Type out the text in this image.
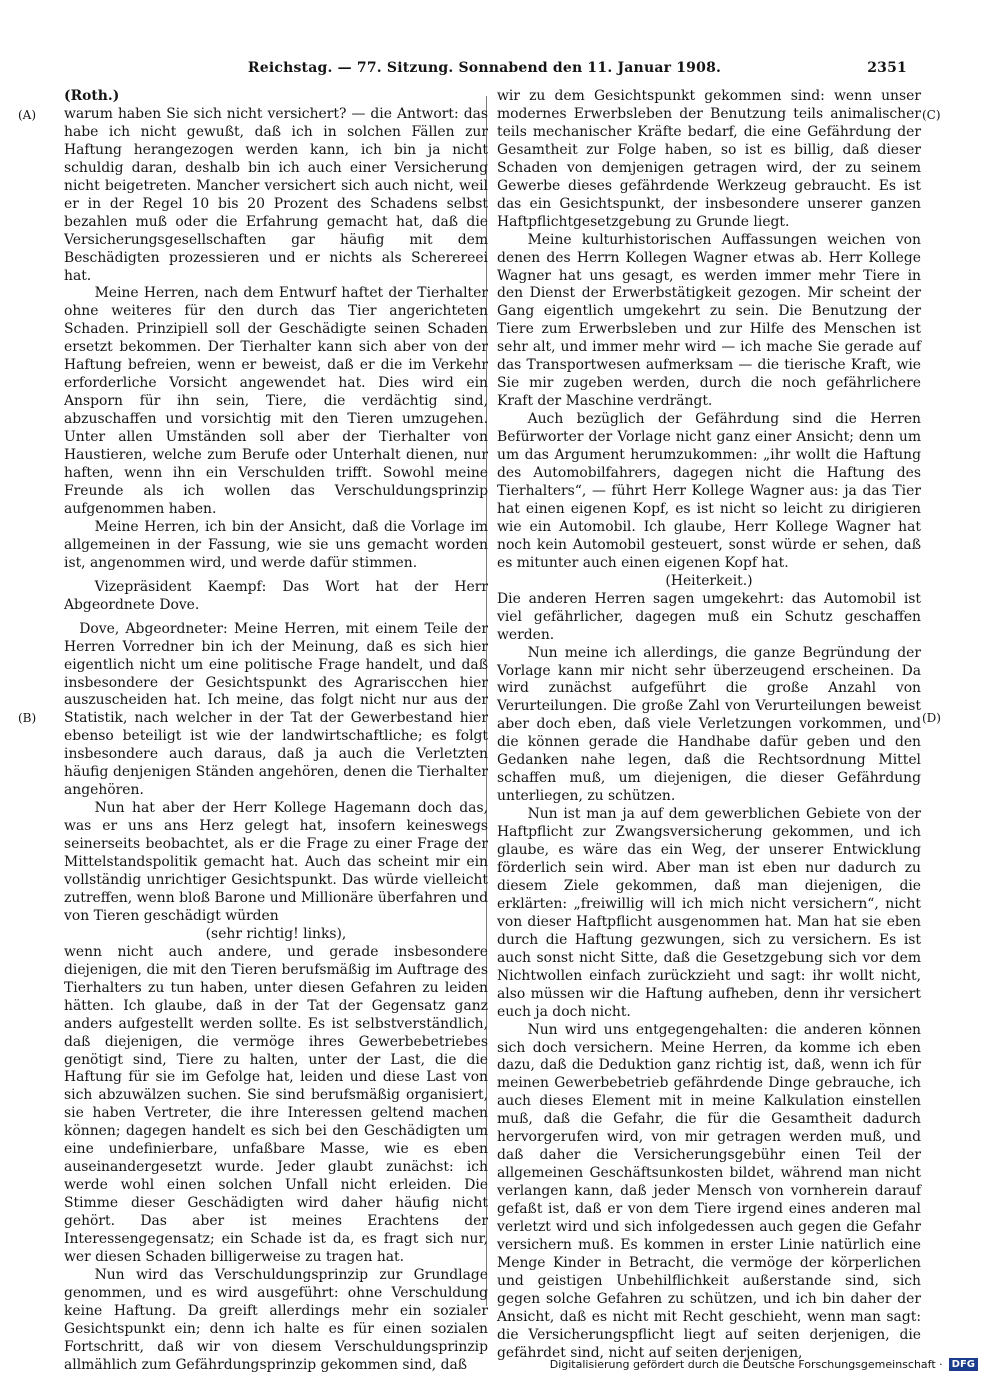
Reichstag. — 77. Sitzung. Sonnabend den 11. Januar 1908.	2351
(A)
(B)
(C)
(D)

(Roth.)

warum haben Sie sich nicht versichert? — die Antwort: das habe ich nicht gewußt, daß ich in solchen Fällen zur Haftung herangezogen werden kann, ich bin ja nicht schuldig daran, deshalb bin ich auch einer Versicherung nicht beigetreten. Mancher versichert sich auch nicht, weil er in der Regel 10 bis 20 Prozent des Schadens selbst bezahlen muß oder die Erfahrung gemacht hat, daß die Versicherungsgesellschaften gar häufig mit dem Beschädigten prozessieren und er nichts als Scherereei hat.

Meine Herren, nach dem Entwurf haftet der Tierhalter ohne weiteres für den durch das Tier angerichteten Schaden. Prinzipiell soll der Geschädigte seinen Schaden ersetzt bekommen. Der Tierhalter kann sich aber von der Haftung befreien, wenn er beweist, daß er die im Verkehr erforderliche Vorsicht angewendet hat. Dies wird ein Ansporn für ihn sein, Tiere, die verdächtig sind, abzuschaffen und vorsichtig mit den Tieren umzugehen. Unter allen Umständen soll aber der Tierhalter von Haustieren, welche zum Berufe oder Unterhalt dienen, nur haften, wenn ihn ein Verschulden trifft. Sowohl meine Freunde als ich wollen das Verschuldungsprinzip aufgenommen haben.

Meine Herren, ich bin der Ansicht, daß die Vorlage im allgemeinen in der Fassung, wie sie uns gemacht worden ist, angenommen wird, und werde dafür stimmen.

Vizepräsident Kaempf: Das Wort hat der Herr Abgeordnete Dove.

Dove, Abgeordneter: Meine Herren, mit einem Teile der Herren Vorredner bin ich der Meinung, daß es sich hier eigentlich nicht um eine politische Frage handelt, und daß insbesondere der Gesichtspunkt des Agrariscchen hier auszuscheiden hat. Ich meine, das folgt nicht nur aus der Statistik, nach welcher in der Tat der Gewerbestand hier ebenso beteiligt ist wie der landwirtschaftliche; es folgt insbesondere auch daraus, daß ja auch die Verletzten häufig denjenigen Ständen angehören, denen die Tierhalter angehören.

Nun hat aber der Herr Kollege Hagemann doch das, was er uns ans Herz gelegt hat, insofern keineswegs seinerseits beobachtet, als er die Frage zu einer Frage der Mittelstandspolitik gemacht hat. Auch das scheint mir ein vollständig unrichtiger Gesichtspunkt. Das würde vielleicht zutreffen, wenn bloß Barone und Millionäre überfahren und von Tieren geschädigt würden

(sehr richtig! links),

wenn nicht auch andere, und gerade insbesondere diejenigen, die mit den Tieren berufsmäßig im Auftrage des Tierhalters zu tun haben, unter diesen Gefahren zu leiden hätten. Ich glaube, daß in der Tat der Gegensatz ganz anders aufgestellt werden sollte. Es ist selbstverständlich, daß diejenigen, die vermöge ihres Gewerbebetriebes genötigt sind, Tiere zu halten, unter der Last, die die Haftung für sie im Gefolge hat, leiden und diese Last von sich abzuwälzen suchen. Sie sind berufsmäßig organisiert, sie haben Vertreter, die ihre Interessen geltend machen können; dagegen handelt es sich bei den Geschädigten um eine undefinierbare, unfaßbare Masse, wie es eben auseinandergesetzt wurde. Jeder glaubt zunächst: ich werde wohl einen solchen Unfall nicht erleiden. Die Stimme dieser Geschädigten wird daher häufig nicht gehört. Das aber ist meines Erachtens der Interessengegensatz; ein Schade ist da, es fragt sich nur, wer diesen Schaden billigerweise zu tragen hat.

Nun wird das Verschuldungsprinzip zur Grundlage genommen, und es wird ausgeführt: ohne Verschuldung keine Haftung. Da greift allerdings mehr ein sozialer Gesichtspunkt ein; denn ich halte es für einen sozialen Fortschritt, daß wir von diesem Verschuldungsprinzip allmählich zum Gefährdungsprinzip gekommen sind, daß

wir zu dem Gesichtspunkt gekommen sind: wenn unser modernes Erwerbsleben der Benutzung teils animalischer teils mechanischer Kräfte bedarf, die eine Gefährdung der Gesamtheit zur Folge haben, so ist es billig, daß dieser Schaden von demjenigen getragen wird, der zu seinem Gewerbe dieses gefährdende Werkzeug gebraucht. Es ist das ein Gesichtspunkt, der insbesondere unserer ganzen Haftpflichtgesetzgebung zu Grunde liegt.

Meine kulturhistorischen Auffassungen weichen von denen des Herrn Kollegen Wagner etwas ab. Herr Kollege Wagner hat uns gesagt, es werden immer mehr Tiere in den Dienst der Erwerbstätigkeit gezogen. Mir scheint der Gang eigentlich umgekehrt zu sein. Die Benutzung der Tiere zum Erwerbsleben und zur Hilfe des Menschen ist sehr alt, und immer mehr wird — ich mache Sie gerade auf das Transportwesen aufmerksam — die tierische Kraft, wie Sie mir zugeben werden, durch die noch gefährlichere Kraft der Maschine verdrängt.

Auch bezüglich der Gefährdung sind die Herren Befürworter der Vorlage nicht ganz einer Ansicht; denn um um das Argument herumzukommen: „ihr wollt die Haftung des Automobilfahrers, dagegen nicht die Haftung des Tierhalters“, — führt Herr Kollege Wagner aus: ja das Tier hat einen eigenen Kopf, es ist nicht so leicht zu dirigieren wie ein Automobil. Ich glaube, Herr Kollege Wagner hat noch kein Automobil gesteuert, sonst würde er sehen, daß es mitunter auch einen eigenen Kopf hat.

(Heiterkeit.)

Die anderen Herren sagen umgekehrt: das Automobil ist viel gefährlicher, dagegen muß ein Schutz geschaffen werden.

Nun meine ich allerdings, die ganze Begründung der Vorlage kann mir nicht sehr überzeugend erscheinen. Da wird zunächst aufgeführt die große Anzahl von Verurteilungen. Die große Zahl von Verurteilungen beweist aber doch eben, daß viele Verletzungen vorkommen, und die können gerade die Handhabe dafür geben und den Gedanken nahe legen, daß die Rechtsordnung Mittel schaffen muß, um diejenigen, die dieser Gefährdung unterliegen, zu schützen.

Nun ist man ja auf dem gewerblichen Gebiete von der Haftpflicht zur Zwangsversicherung gekommen, und ich glaube, es wäre das ein Weg, der unserer Entwicklung förderlich sein wird. Aber man ist eben nur dadurch zu diesem Ziele gekommen, daß man diejenigen, die erklärten: „freiwillig will ich mich nicht versichern“, nicht von dieser Haftpflicht ausgenommen hat. Man hat sie eben durch die Haftung gezwungen, sich zu versichern. Es ist auch sonst nicht Sitte, daß die Gesetzgebung sich vor dem Nichtwollen einfach zurückzieht und sagt: ihr wollt nicht, also müssen wir die Haftung aufheben, denn ihr versichert euch ja doch nicht.

Nun wird uns entgegengehalten: die anderen können sich doch versichern. Meine Herren, da komme ich eben dazu, daß die Deduktion ganz richtig ist, daß, wenn ich für meinen Gewerbebetrieb gefährdende Dinge gebrauche, ich auch dieses Element mit in meine Kalkulation einstellen muß, daß die Gefahr, die für die Gesamtheit dadurch hervorgerufen wird, von mir getragen werden muß, und daß daher die Versicherungsgebühr einen Teil der allgemeinen Geschäftsunkosten bildet, während man nicht verlangen kann, daß jeder Mensch von vornherein darauf gefaßt ist, daß er von dem Tiere irgend eines anderen mal verletzt wird und sich infolgedessen auch gegen die Gefahr versichern muß. Es kommen in erster Linie natürlich eine Menge Kinder in Betracht, die vermöge der körperlichen und geistigen Unbehilflichkeit außerstande sind, sich gegen solche Gefahren zu schützen, und ich bin daher der Ansicht, daß es nicht mit Recht geschieht, wenn man sagt: die Versicherungspflicht liegt auf seiten derjenigen, die gefährdet sind, nicht auf seiten derjenigen,

Digitalisierung gefördert durch die Deutsche Forschungsgemeinschaft · DFG
